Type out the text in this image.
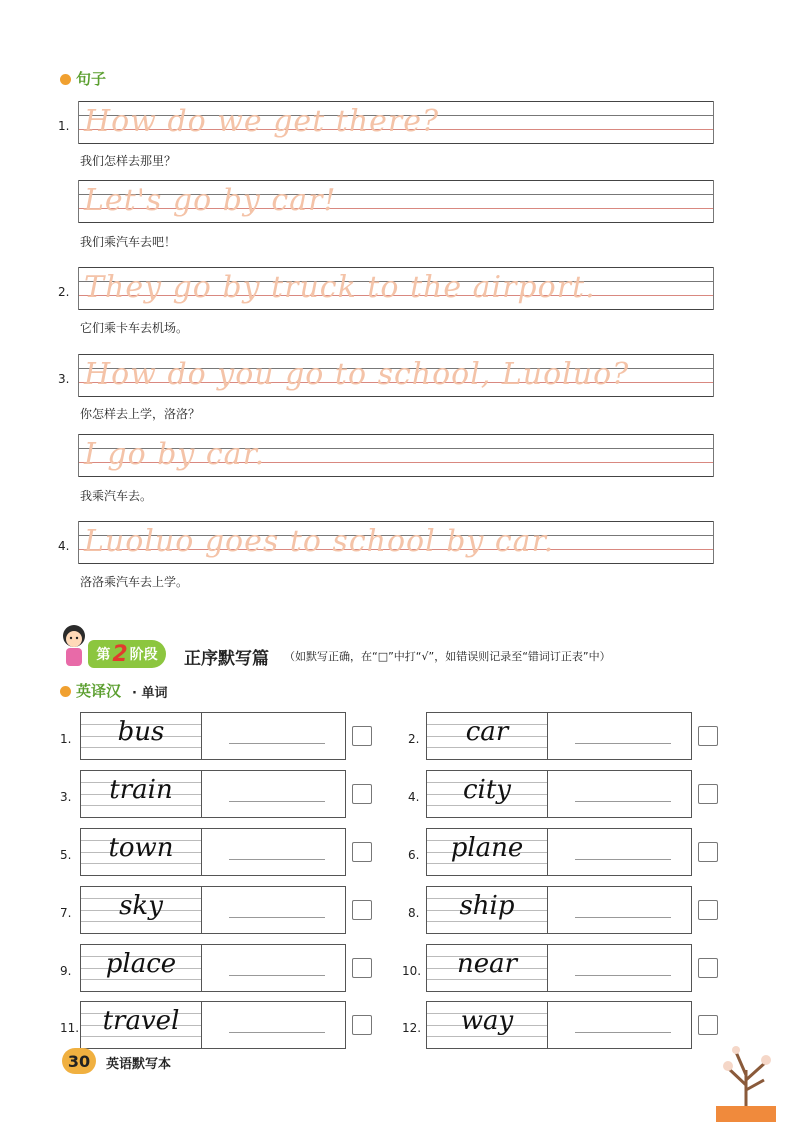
句子
1. How do we get there?
我们怎样去那里？
Let's go by car!
我们乘汽车去吧！
2. They go by truck to the airport.
它们乘卡车去机场。
3. How do you go to school, Luoluo?
你怎样去上学，洛洛？
I go by car.
我乘汽车去。
4. Luoluo goes to school by car.
洛洛乘汽车去上学。
第 2 阶段 正序默写篇 （如默写正确，在“□”中打“√”，如错误则记录至“错词订正表”中）
英译汉 · 单词
1.	bus	2.	car
3.	train	4.	city
5.	town	6.	plane
7.	sky	8.	ship
9.	place	10.	near
11. travel	12.	way
30	英语默写本
